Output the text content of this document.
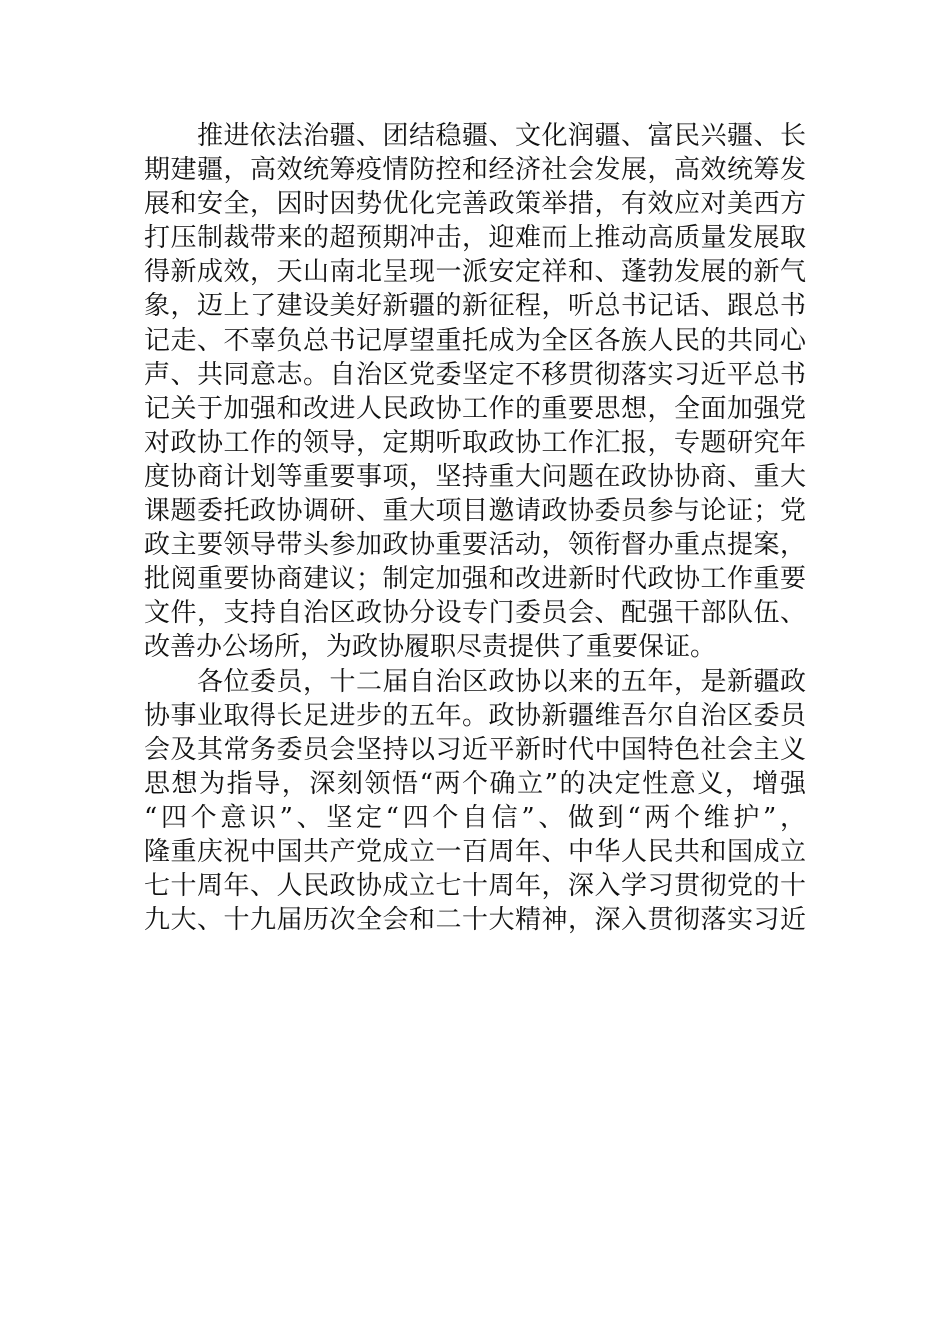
　　推进依法治疆、团结稳疆、文化润疆、富民兴疆、长
期建疆，高效统筹疫情防控和经济社会发展，高效统筹发
展和安全，因时因势优化完善政策举措，有效应对美西方
打压制裁带来的超预期冲击，迎难而上推动高质量发展取
得新成效，天山南北呈现一派安定祥和、蓬勃发展的新气
象，迈上了建设美好新疆的新征程，听总书记话、跟总书
记走、不辜负总书记厚望重托成为全区各族人民的共同心
声、共同意志。自治区党委坚定不移贯彻落实习近平总书
记关于加强和改进人民政协工作的重要思想，全面加强党
对政协工作的领导，定期听取政协工作汇报，专题研究年
度协商计划等重要事项，坚持重大问题在政协协商、重大
课题委托政协调研、重大项目邀请政协委员参与论证；党
政主要领导带头参加政协重要活动，领衔督办重点提案，
批阅重要协商建议；制定加强和改进新时代政协工作重要
文件，支持自治区政协分设专门委员会、配强干部队伍、
改善办公场所，为政协履职尽责提供了重要保证。
　　各位委员，十二届自治区政协以来的五年，是新疆政
协事业取得长足进步的五年。政协新疆维吾尔自治区委员
会及其常务委员会坚持以习近平新时代中国特色社会主义
思想为指导，深刻领悟“两个确立”的决定性意义，增强
“四个意识”、坚定“四个自信”、做到“两个维护”，
隆重庆祝中国共产党成立一百周年、中华人民共和国成立
七十周年、人民政协成立七十周年，深入学习贯彻党的十
九大、十九届历次全会和二十大精神，深入贯彻落实习近
